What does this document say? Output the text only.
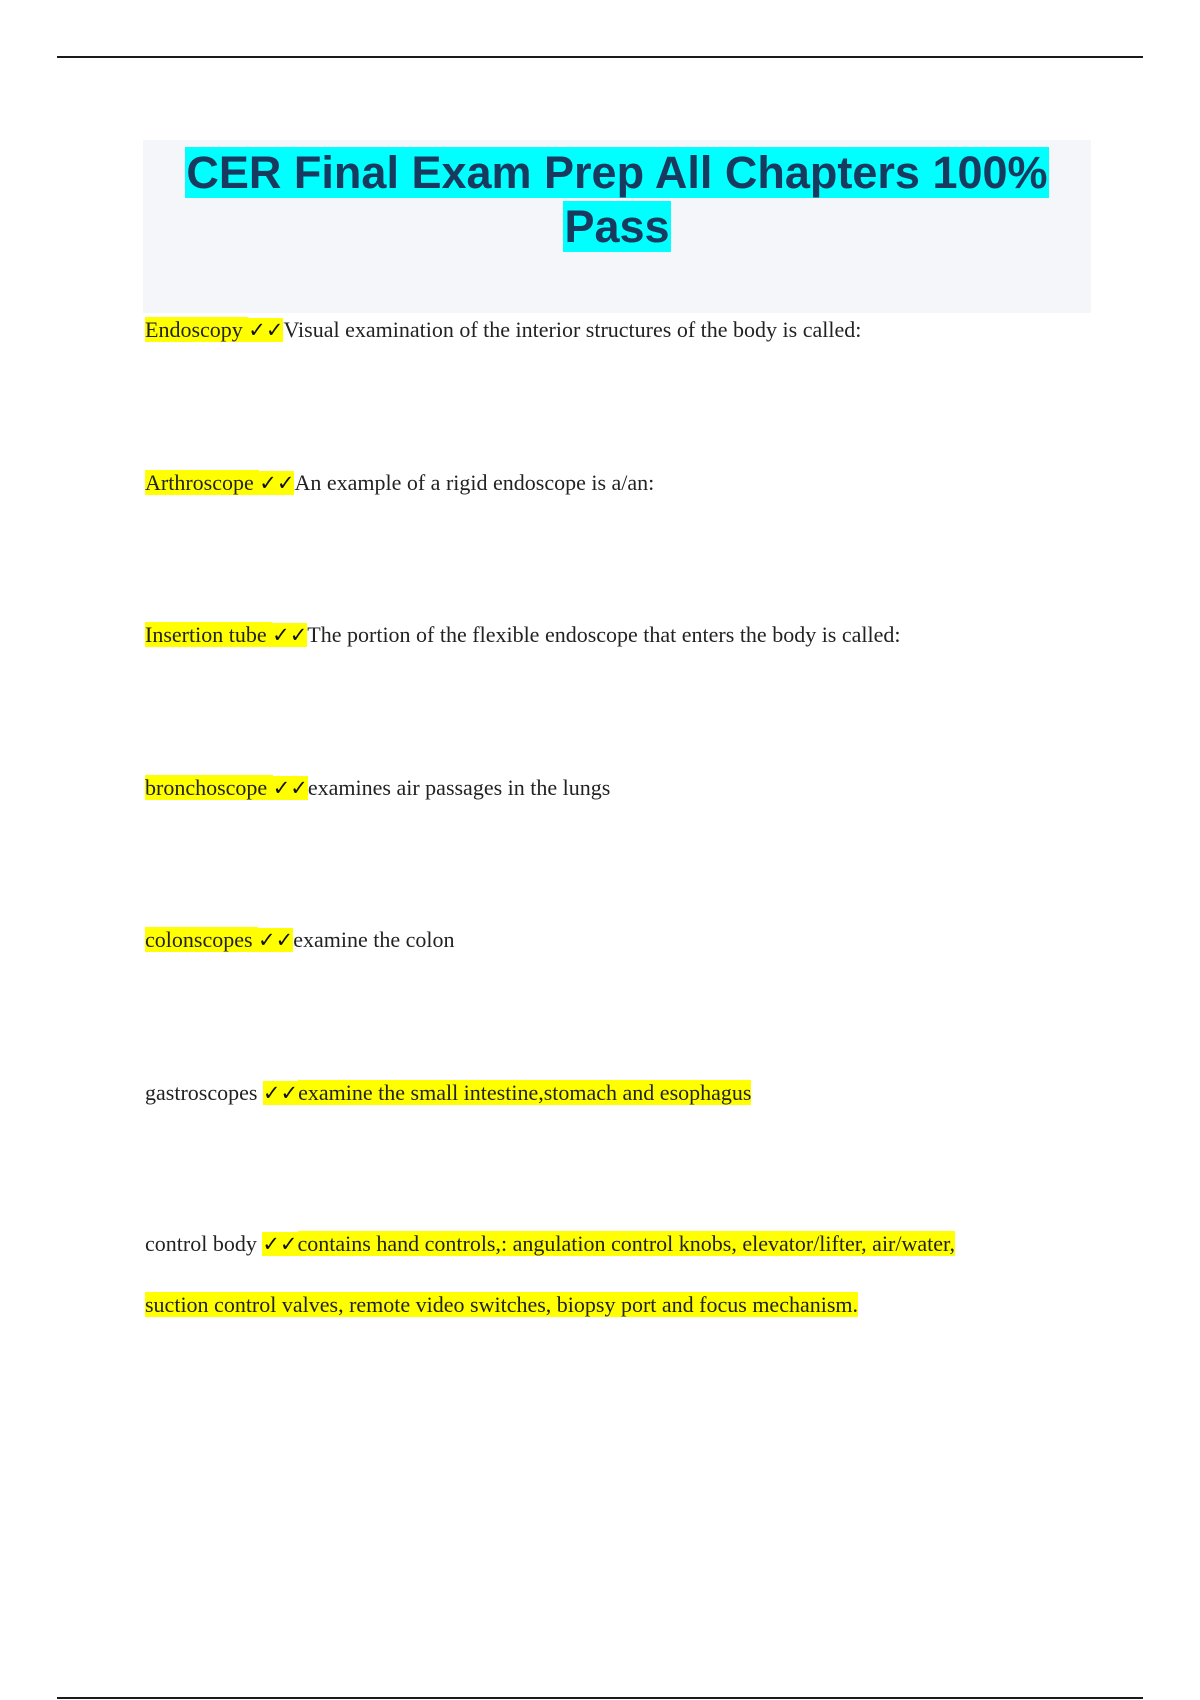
CER Final Exam Prep All Chapters 100%
Pass
Endoscopy ✓✓Visual examination of the interior structures of the body is called:
Arthroscope ✓✓An example of a rigid endoscope is a/an:
Insertion tube ✓✓The portion of the flexible endoscope that enters the body is called:
bronchoscope ✓✓examines air passages in the lungs
colonscopes ✓✓examine the colon
gastroscopes ✓✓examine the small intestine,stomach and esophagus
control body ✓✓contains hand controls,: angulation control knobs, elevator/lifter, air/water,
suction control valves, remote video switches, biopsy port and focus mechanism.
